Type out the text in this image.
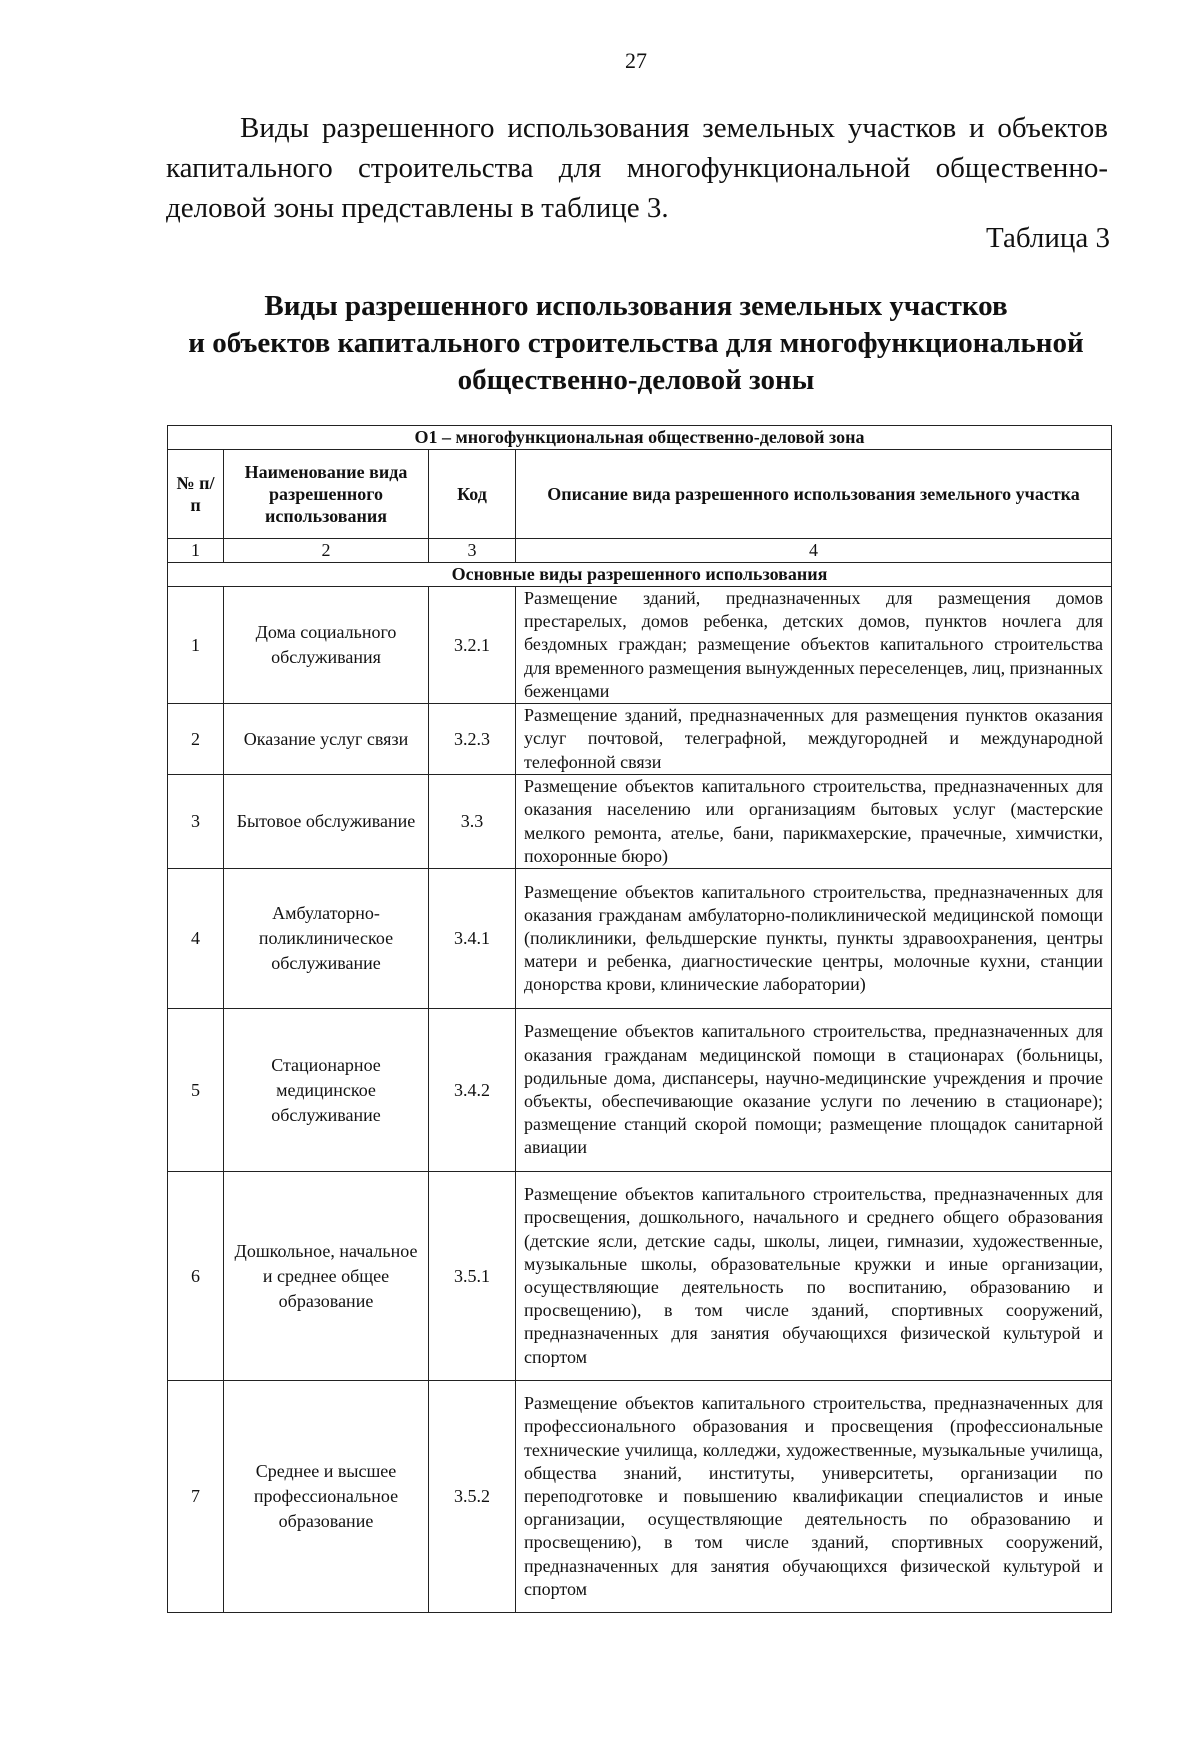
27

Виды разрешенного использования земельных участков и объектов капитального строительства для многофункциональной общественно-деловой зоны представлены в таблице 3.

Таблица 3
Виды разрешенного использования земельных участков
и объектов капитального строительства для многофункциональной
общественно-деловой зоны
О1 – многофункциональная общественно-деловой зона			
№ п/п	Наименование вида разрешенного использования	Код	Описание вида разрешенного использования земельного участка
1	2	3	4
Основные виды разрешенного использования			
1	Дома социального обслуживания	3.2.1	Размещение зданий, предназначенных для размещения домов престарелых, домов ребенка, детских домов, пунктов ночлега для бездомных граждан; размещение объектов капитального строительства для временного размещения вынужденных переселенцев, лиц, признанных беженцами
2	Оказание услуг связи	3.2.3	Размещение зданий, предназначенных для размещения пунктов оказания услуг почтовой, телеграфной, междугородней и международной телефонной связи
3	Бытовое обслуживание	3.3	Размещение объектов капитального строительства, предназначенных для оказания населению или организациям бытовых услуг (мастерские мелкого ремонта, ателье, бани, парикмахерские, прачечные, химчистки, похоронные бюро)
4	Амбулаторно-поликлиническое обслуживание	3.4.1	Размещение объектов капитального строительства, предназначенных для оказания гражданам амбулаторно-поликлинической медицинской помощи (поликлиники, фельдшерские пункты, пункты здравоохранения, центры матери и ребенка, диагностические центры, молочные кухни, станции донорства крови, клинические лаборатории)
5	Стационарное медицинское обслуживание	3.4.2	Размещение объектов капитального строительства, предназначенных для оказания гражданам медицинской помощи в стационарах (больницы, родильные дома, диспансеры, научно-медицинские учреждения и прочие объекты, обеспечивающие оказание услуги по лечению в стационаре); размещение станций скорой помощи; размещение площадок санитарной авиации
6	Дошкольное, начальное и среднее общее образование	3.5.1	Размещение объектов капитального строительства, предназначенных для просвещения, дошкольного, начального и среднего общего образования (детские ясли, детские сады, школы, лицеи, гимназии, художественные, музыкальные школы, образовательные кружки и иные организации, осуществляющие деятельность по воспитанию, образованию и просвещению), в том числе зданий, спортивных сооружений, предназначенных для занятия обучающихся физической культурой и спортом
7	Среднее и высшее профессиональное образование	3.5.2	Размещение объектов капитального строительства, предназначенных для профессионального образования и просвещения (профессиональные технические училища, колледжи, художественные, музыкальные училища, общества знаний, институты, университеты, организации по переподготовке и повышению квалификации специалистов и иные организации, осуществляющие деятельность по образованию и просвещению), в том числе зданий, спортивных сооружений, предназначенных для занятия обучающихся физической культурой и спортом
